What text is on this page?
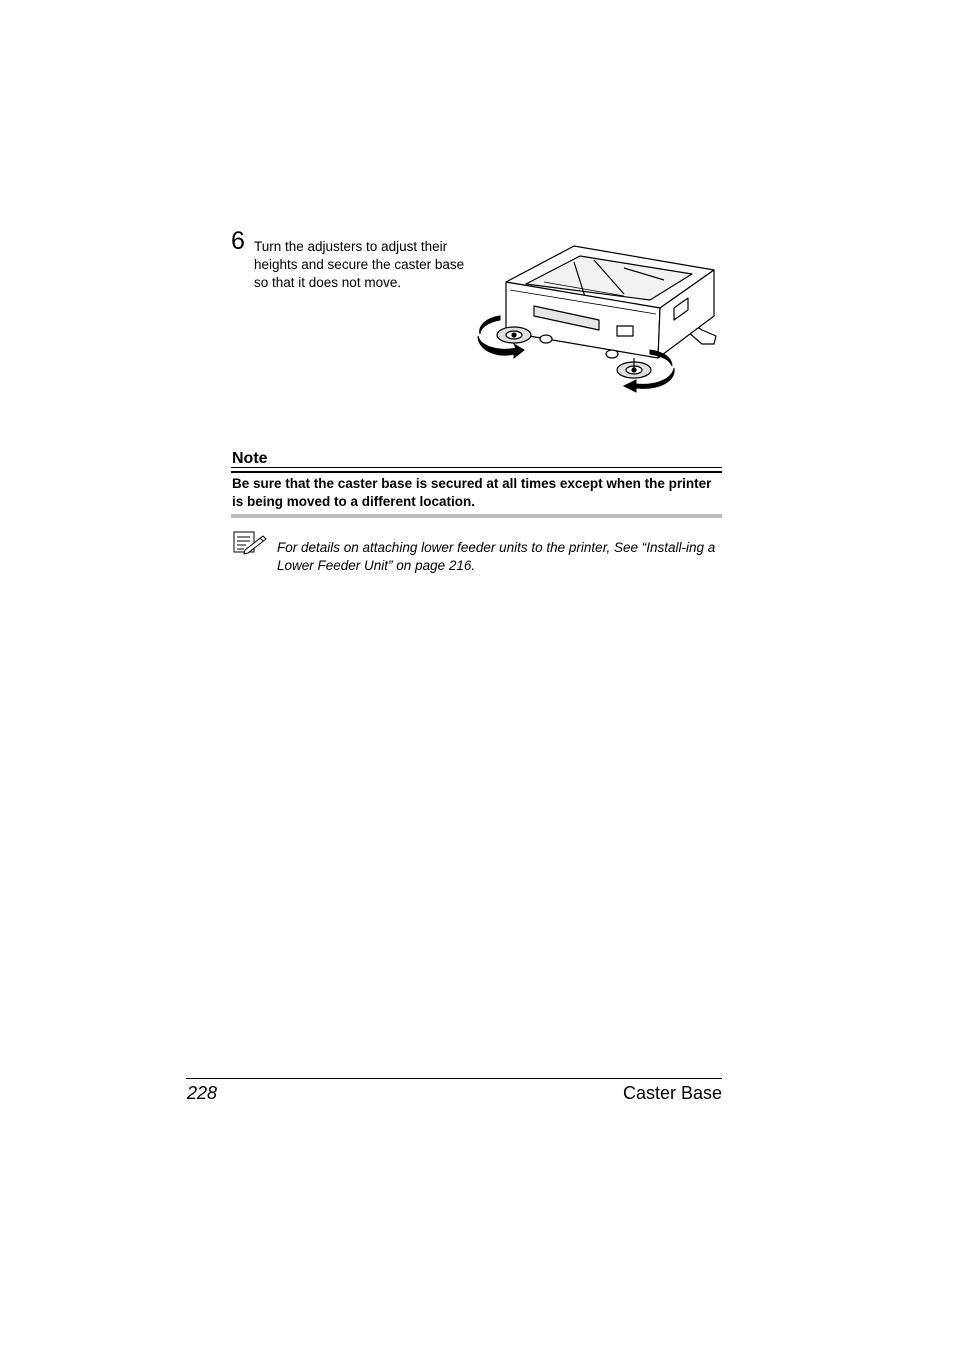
6 Turn the adjusters to adjust their heights and secure the caster base so that it does not move.
Note
Be sure that the caster base is secured at all times except when the printer is being moved to a different location.
For details on attaching lower feeder units to the printer, See “Install-ing a Lower Feeder Unit” on page 216.
228	Caster Base
